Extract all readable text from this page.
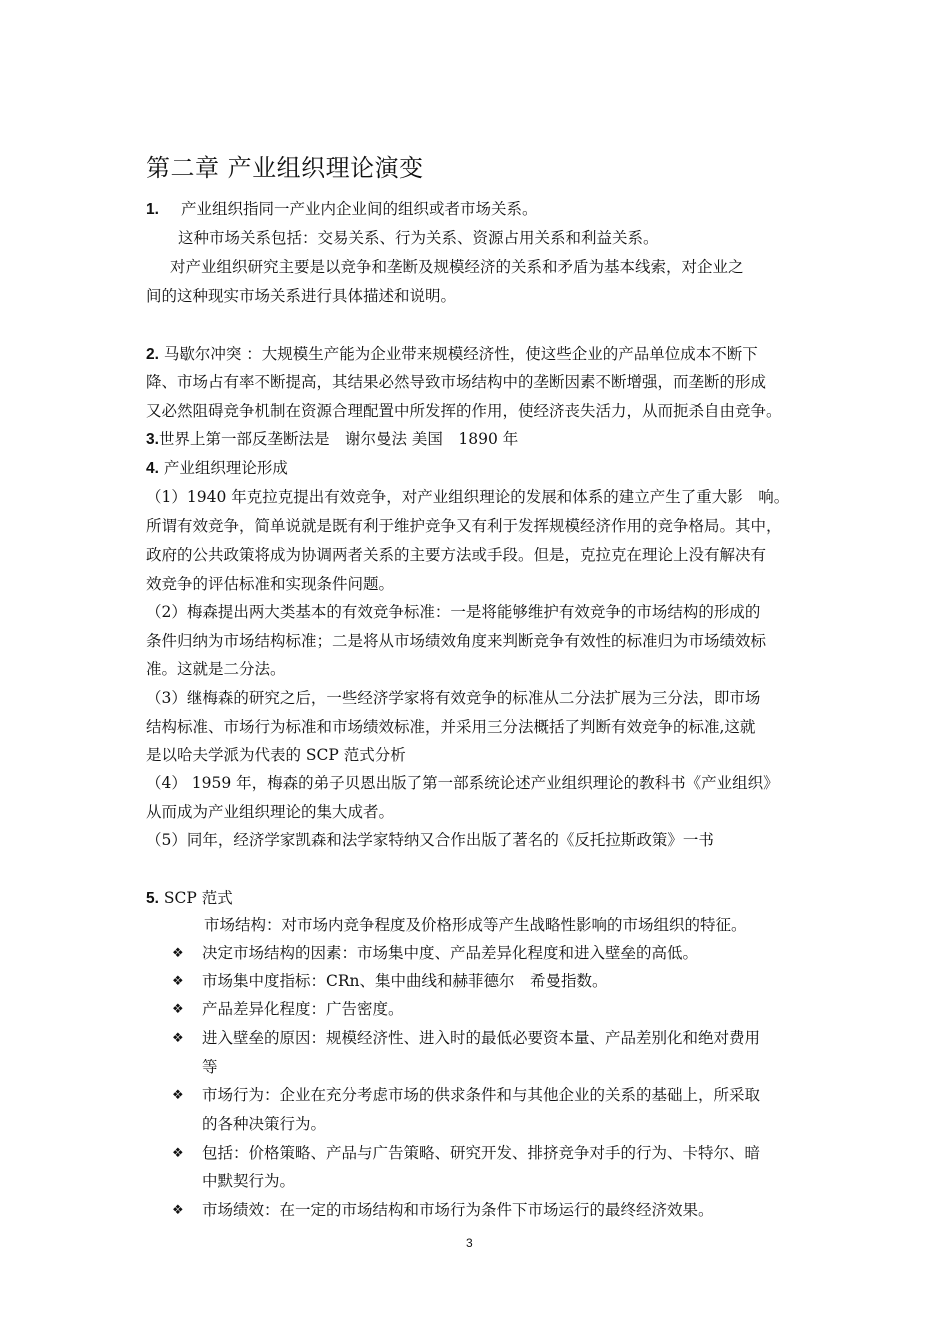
第二章 产业组织理论演变
1. 产业组织指同一产业内企业间的组织或者市场关系。
这种市场关系包括：交易关系、行为关系、资源占用关系和利益关系。
对产业组织研究主要是以竞争和垄断及规模经济的关系和矛盾为基本线索，对企业之
间的这种现实市场关系进行具体描述和说明。
2. 马歇尔冲突 ：大规模生产能为企业带来规模经济性，使这些企业的产品单位成本不断下
降、市场占有率不断提高，其结果必然导致市场结构中的垄断因素不断增强，而垄断的形成
又必然阻碍竞争机制在资源合理配置中所发挥的作用，使经济丧失活力，从而扼杀自由竞争。
3.世界上第一部反垄断法是　谢尔曼法 美国　1890 年
4. 产业组织理论形成
（1）1940 年克拉克提出有效竞争，对产业组织理论的发展和体系的建立产生了重大影　响。
所谓有效竞争，简单说就是既有利于维护竞争又有利于发挥规模经济作用的竞争格局。其中，
政府的公共政策将成为协调两者关系的主要方法或手段。但是，克拉克在理论上没有解决有
效竞争的评估标准和实现条件问题。
（2）梅森提出两大类基本的有效竞争标准：一是将能够维护有效竞争的市场结构的形成的
条件归纳为市场结构标准；二是将从市场绩效角度来判断竞争有效性的标准归为市场绩效标
准。这就是二分法。
（3）继梅森的研究之后，一些经济学家将有效竞争的标准从二分法扩展为三分法，即市场
结构标准、市场行为标准和市场绩效标准，并采用三分法概括了判断有效竞争的标准,这就
是以哈夫学派为代表的 SCP 范式分析
（4） 1959 年，梅森的弟子贝恩出版了第一部系统论述产业组织理论的教科书《产业组织》
从而成为产业组织理论的集大成者。
（5）同年，经济学家凯森和法学家特纳又合作出版了著名的《反托拉斯政策》一书
5. SCP 范式
市场结构：对市场内竞争程度及价格形成等产生战略性影响的市场组织的特征。
❖ 决定市场结构的因素：市场集中度、产品差异化程度和进入壁垒的高低。
❖ 市场集中度指标：CRn、集中曲线和赫菲德尔　希曼指数。
❖ 产品差异化程度：广告密度。
❖ 进入壁垒的原因：规模经济性、进入时的最低必要资本量、产品差别化和绝对费用
等
❖ 市场行为：企业在充分考虑市场的供求条件和与其他企业的关系的基础上，所采取
的各种决策行为。
❖ 包括：价格策略、产品与广告策略、研究开发、排挤竞争对手的行为、卡特尔、暗
中默契行为。
❖ 市场绩效：在一定的市场结构和市场行为条件下市场运行的最终经济效果。
3
